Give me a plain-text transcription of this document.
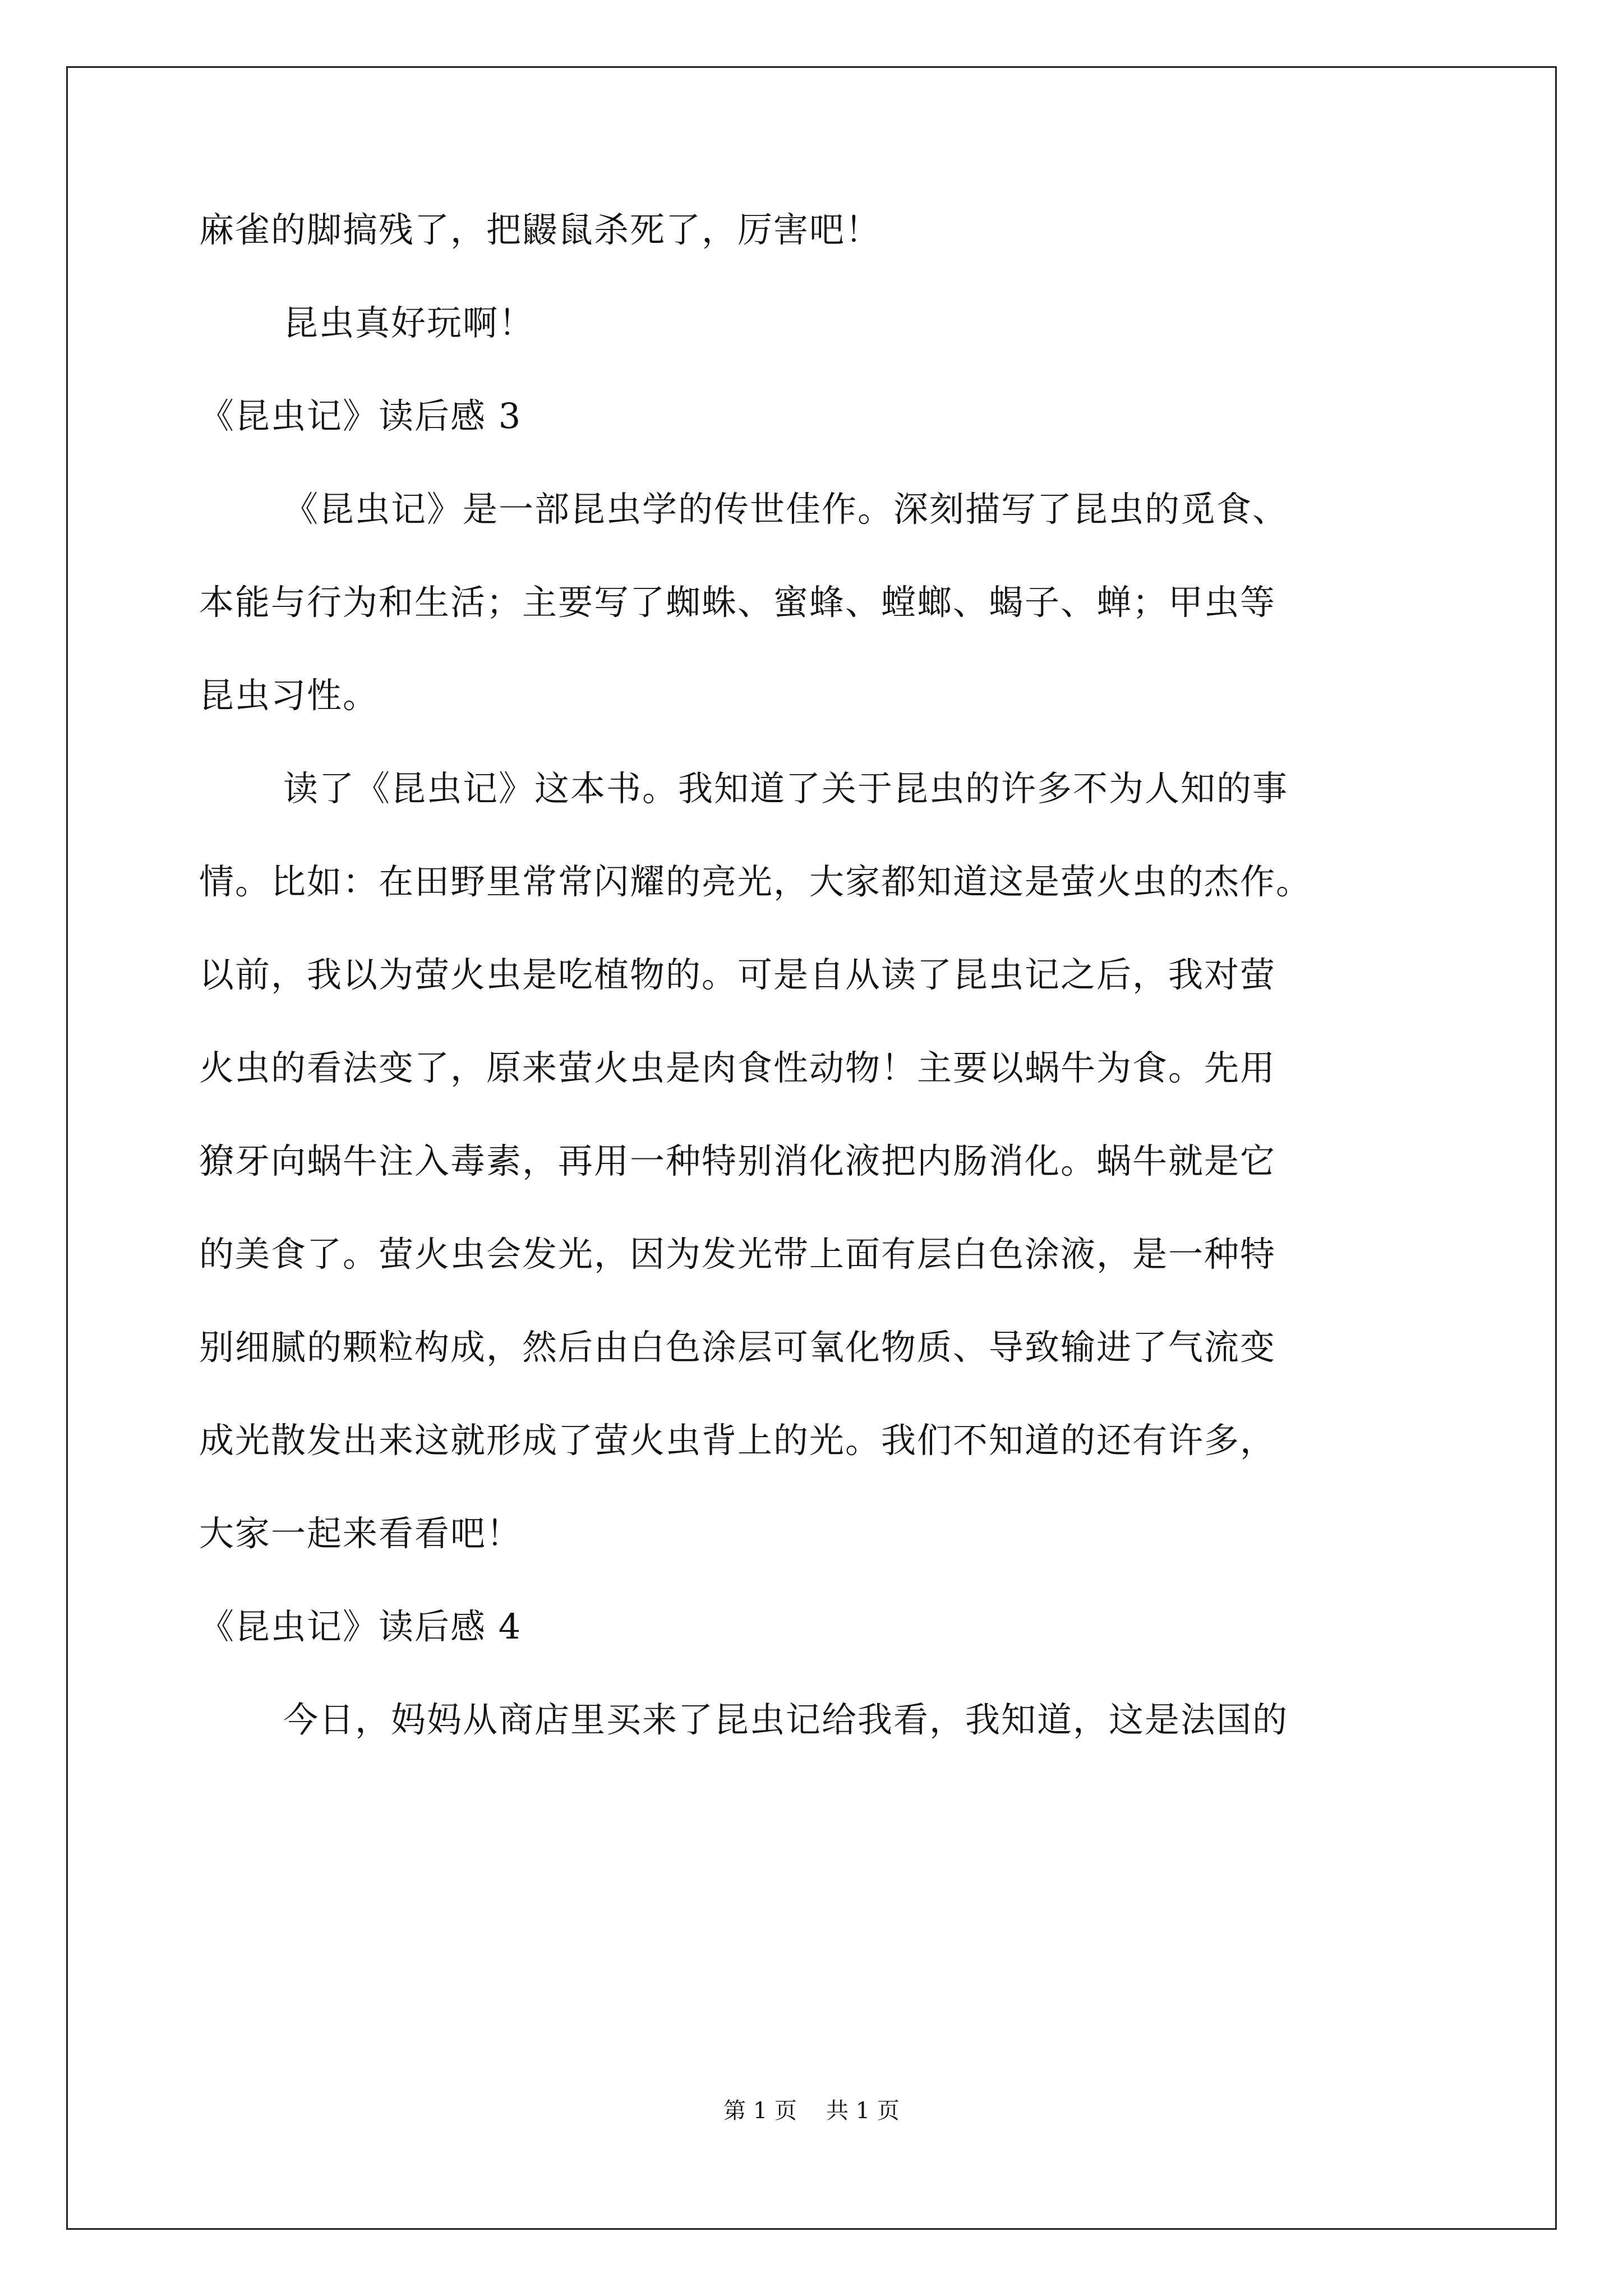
麻雀的脚搞残了，把鼹鼠杀死了，厉害吧！
昆虫真好玩啊！
《昆虫记》读后感 3
《昆虫记》是一部昆虫学的传世佳作。深刻描写了昆虫的觅食、
本能与行为和生活；主要写了蜘蛛、蜜蜂、螳螂、蝎子、蝉；甲虫等
昆虫习性。
读了《昆虫记》这本书。我知道了关于昆虫的许多不为人知的事
情。比如：在田野里常常闪耀的亮光，大家都知道这是萤火虫的杰作。
以前，我以为萤火虫是吃植物的。可是自从读了昆虫记之后，我对萤
火虫的看法变了，原来萤火虫是肉食性动物！主要以蜗牛为食。先用
獠牙向蜗牛注入毒素，再用一种特别消化液把内肠消化。蜗牛就是它
的美食了。萤火虫会发光，因为发光带上面有层白色涂液，是一种特
别细腻的颗粒构成，然后由白色涂层可氧化物质、导致输进了气流变
成光散发出来这就形成了萤火虫背上的光。我们不知道的还有许多，
大家一起来看看吧！
《昆虫记》读后感 4
今日，妈妈从商店里买来了昆虫记给我看，我知道，这是法国的
第 1 页 共 1 页
